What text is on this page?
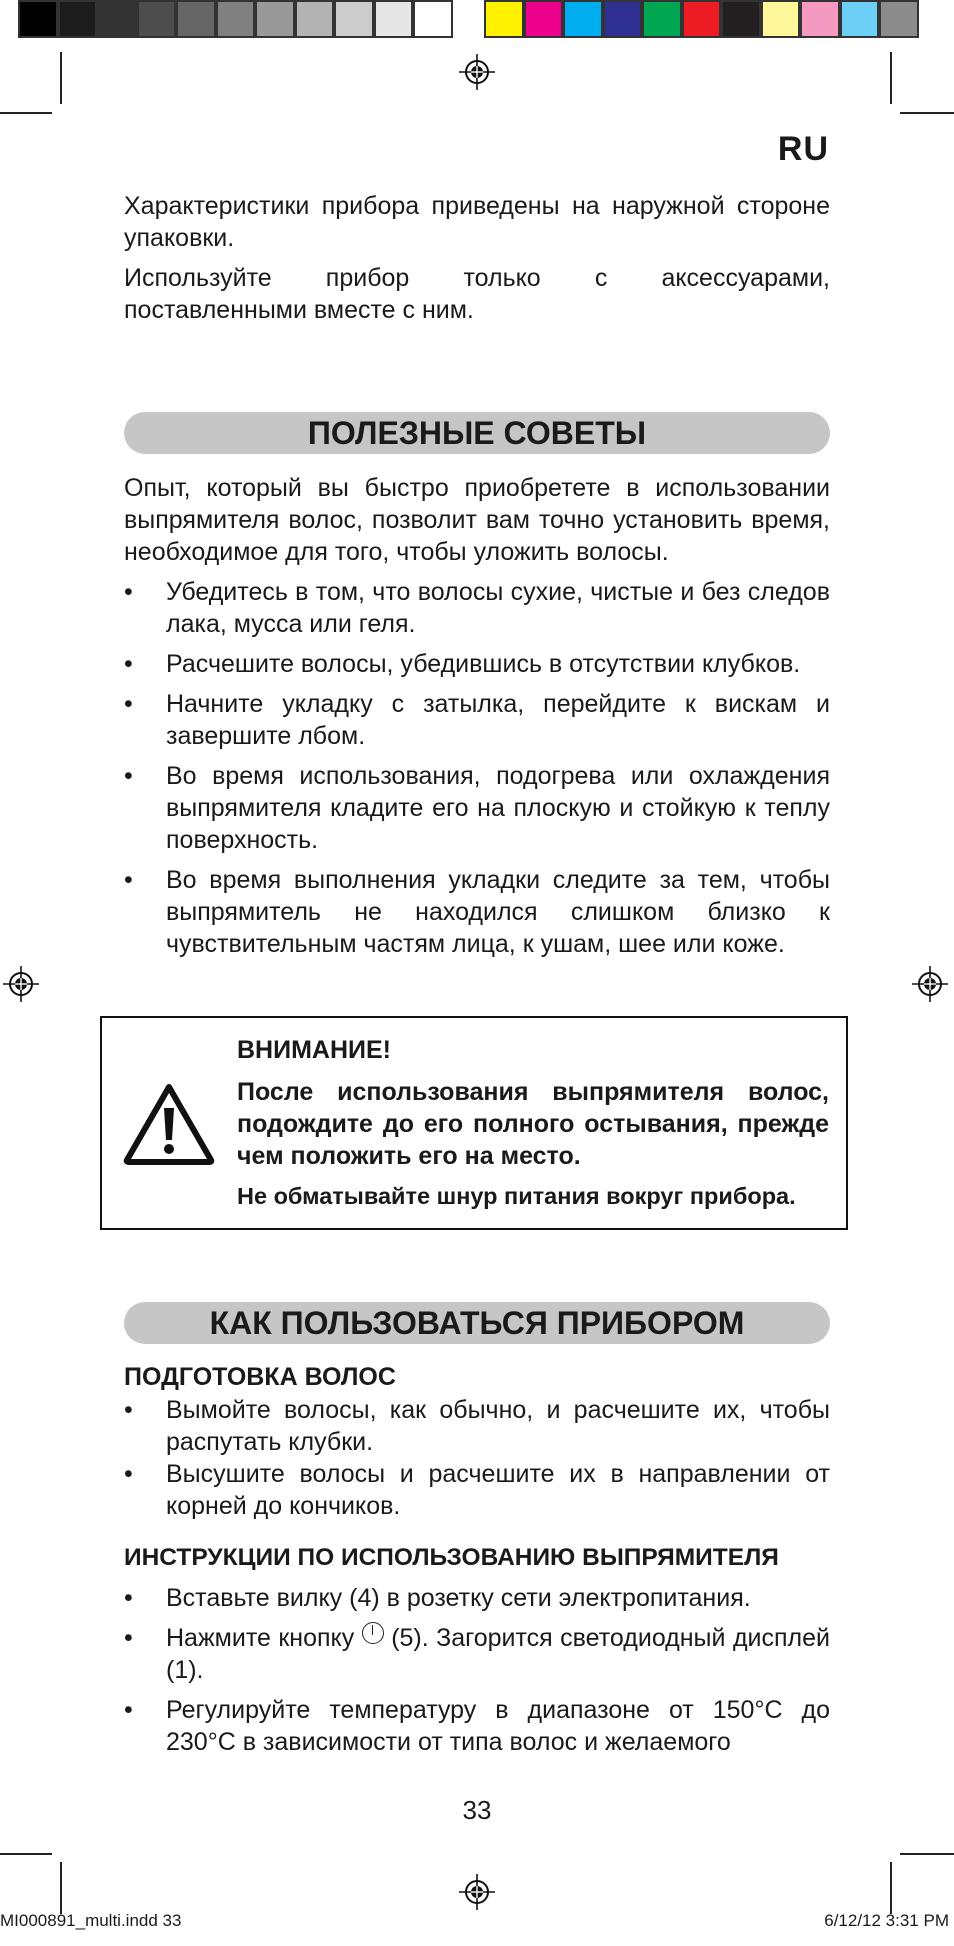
RU
Характеристики прибора приведены на наружной стороне упаковки.
Используйте прибор только с аксессуарами, поставленными вместе с ним.
ПОЛЕЗНЫЕ СОВЕТЫ
Опыт, который вы быстро приобретете в использовании выпрямителя волос, позволит вам точно установить время, необходимое для того, чтобы уложить волосы.
• Убедитесь в том, что волосы сухие, чистые и без следов лака, мусса или геля.
• Расчешите волосы, убедившись в отсутствии клубков.
• Начните укладку с затылка, перейдите к вискам и завершите лбом.
• Во время использования, подогрева или охлаждения выпрямителя кладите его на плоскую и стойкую к теплу поверхность.
• Во время выполнения укладки следите за тем, чтобы выпрямитель не находился слишком близко к чувствительным частям лица, к ушам, шее или коже.
ВНИМАНИЕ!
После использования выпрямителя волос, подождите до его полного остывания, прежде чем положить его на место.
Не обматывайте шнур питания вокруг прибора.
КАК ПОЛЬЗОВАТЬСЯ ПРИБОРОМ
ПОДГОТОВКА ВОЛОС
• Вымойте волосы, как обычно, и расчешите их, чтобы распутать клубки.
• Высушите волосы и расчешите их в направлении от корней до кончиков.
ИНСТРУКЦИИ ПО ИСПОЛЬЗОВАНИЮ ВЫПРЯМИТЕЛЯ
• Вставьте вилку (4) в розетку сети электропитания.
• Нажмите кнопку (5). Загорится светодиодный дисплей (1).
• Регулируйте температуру в диапазоне от 150°C до 230°C в зависимости от типа волос и желаемого
33
MI000891_multi.indd 33	6/12/12 3:31 PM
